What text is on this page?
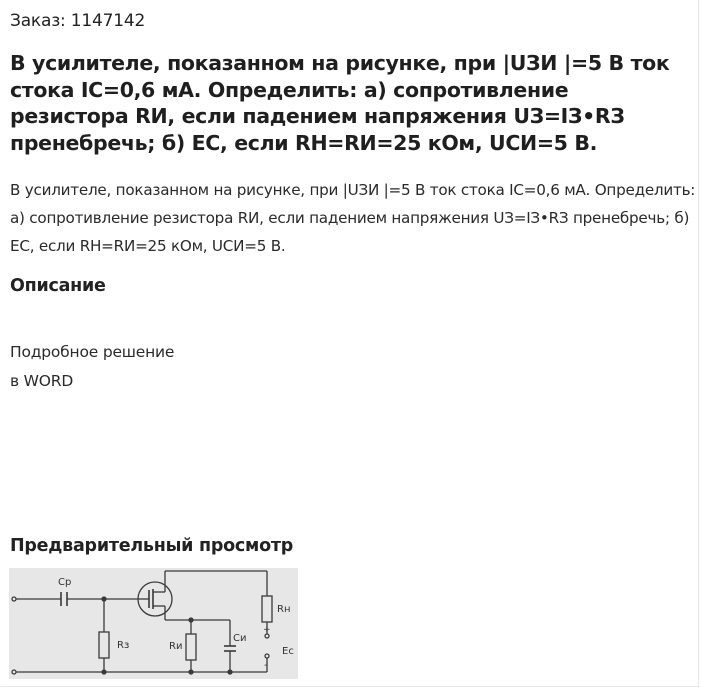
Заказ: 1147142
В усилителе, показанном на рисунке, при |UЗИ |=5 В ток стока IС=0,6 мА. Определить: а) сопротивление резистора RИ, если падением напряжения UЗ=IЗ•RЗ пренебречь; б) ЕС, если RН=RИ=25 кОм, UСИ=5 В.
В усилителе, показанном на рисунке, при |UЗИ |=5 В ток стока IС=0,6 мА. Определить: а) сопротивление резистора RИ, если падением напряжения UЗ=IЗ•RЗ пренебречь; б) ЕС, если RН=RИ=25 кОм, UСИ=5 В.
Описание
Подробное решение
в WORD
Предварительный просмотр
Ср
Rз	Rи
Си
Rн
Ес
+
-
